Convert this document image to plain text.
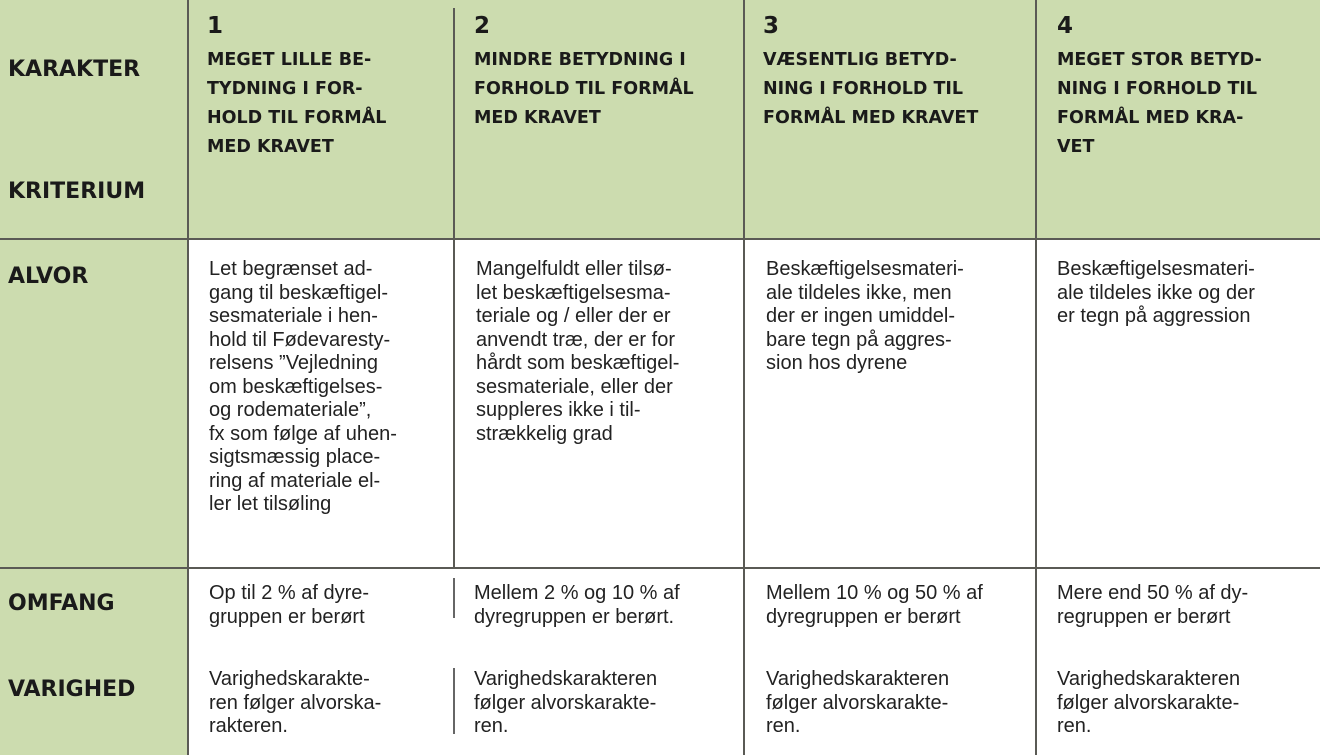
KARAKTER
KRITERIUM
ALVOR
OMFANG
VARIGHED
1
MEGET LILLE BE-
TYDNING I FOR-
HOLD TIL FORMÅL
MED KRAVET
2
MINDRE BETYDNING I
FORHOLD TIL FORMÅL
MED KRAVET
3
VÆSENTLIG BETYD-
NING I FORHOLD TIL
FORMÅL MED KRAVET
4
MEGET STOR BETYD-
NING I FORHOLD TIL
FORMÅL MED KRA-
VET
Let begrænset ad-
gang til beskæftigel-
sesmateriale i hen-
hold til Fødevaresty-
relsens ”Vejledning
om beskæftigelses-
og rodemateriale”,
fx som følge af uhen-
sigtsmæssig place-
ring af materiale el-
ler let tilsøling
Mangelfuldt eller tilsø-
let beskæftigelsesma-
teriale og / eller der er
anvendt træ, der er for
hårdt som beskæftigel-
sesmateriale, eller der
suppleres ikke i til-
strækkelig grad
Beskæftigelsesmateri-
ale tildeles ikke, men
der er ingen umiddel-
bare tegn på aggres-
sion hos dyrene
Beskæftigelsesmateri-
ale tildeles ikke og der
er tegn på aggression
Op til 2 % af dyre-
gruppen er berørt
Mellem 2 % og 10 % af
dyregruppen er berørt.
Mellem 10 % og 50 % af
dyregruppen er berørt
Mere end 50 % af dy-
regruppen er berørt
Varighedskarakte-
ren følger alvorska-
rakteren.
Varighedskarakteren
følger alvorskarakte-
ren.
Varighedskarakteren
følger alvorskarakte-
ren.
Varighedskarakteren
følger alvorskarakte-
ren.
